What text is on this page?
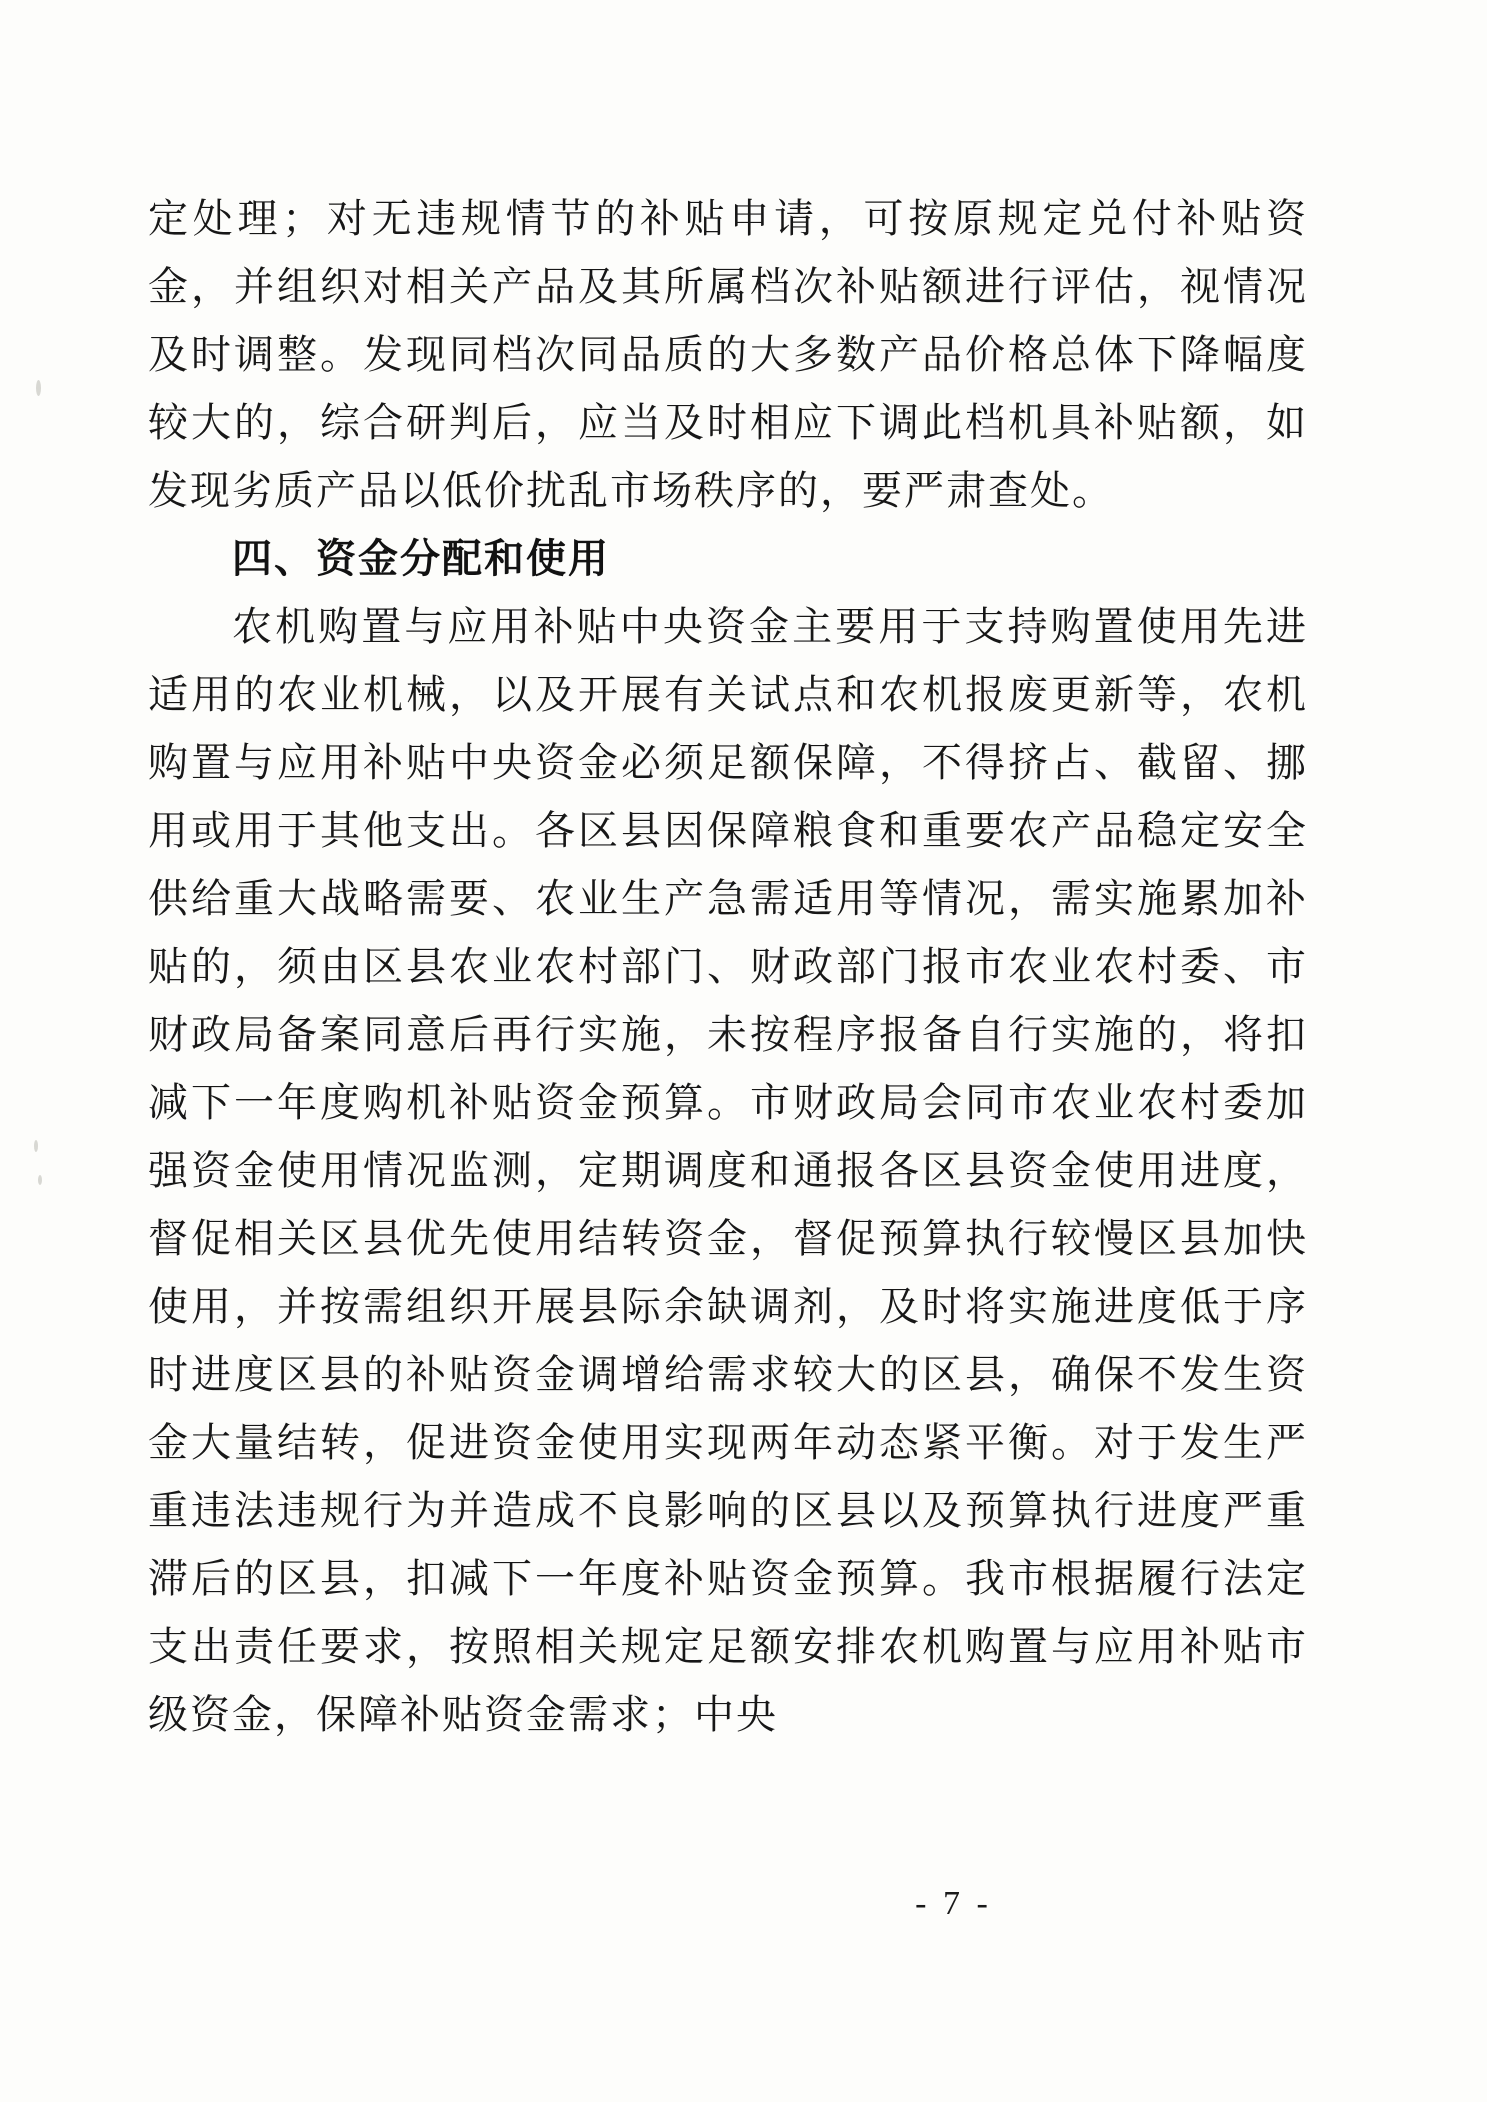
定处理；对无违规情节的补贴申请，可按原规定兑付补贴资金，并组织对相关产品及其所属档次补贴额进行评估，视情况及时调整。发现同档次同品质的大多数产品价格总体下降幅度较大的，综合研判后，应当及时相应下调此档机具补贴额，如发现劣质产品以低价扰乱市场秩序的，要严肃查处。

四、资金分配和使用

农机购置与应用补贴中央资金主要用于支持购置使用先进适用的农业机械，以及开展有关试点和农机报废更新等，农机购置与应用补贴中央资金必须足额保障，不得挤占、截留、挪用或用于其他支出。各区县因保障粮食和重要农产品稳定安全供给重大战略需要、农业生产急需适用等情况，需实施累加补贴的，须由区县农业农村部门、财政部门报市农业农村委、市财政局备案同意后再行实施，未按程序报备自行实施的，将扣减下一年度购机补贴资金预算。市财政局会同市农业农村委加强资金使用情况监测，定期调度和通报各区县资金使用进度，督促相关区县优先使用结转资金，督促预算执行较慢区县加快使用，并按需组织开展县际余缺调剂，及时将实施进度低于序时进度区县的补贴资金调增给需求较大的区县，确保不发生资金大量结转，促进资金使用实现两年动态紧平衡。对于发生严重违法违规行为并造成不良影响的区县以及预算执行进度严重滞后的区县，扣减下一年度补贴资金预算。我市根据履行法定支出责任要求，按照相关规定足额安排农机购置与应用补贴市级资金，保障补贴资金需求；中央

- 7 -
